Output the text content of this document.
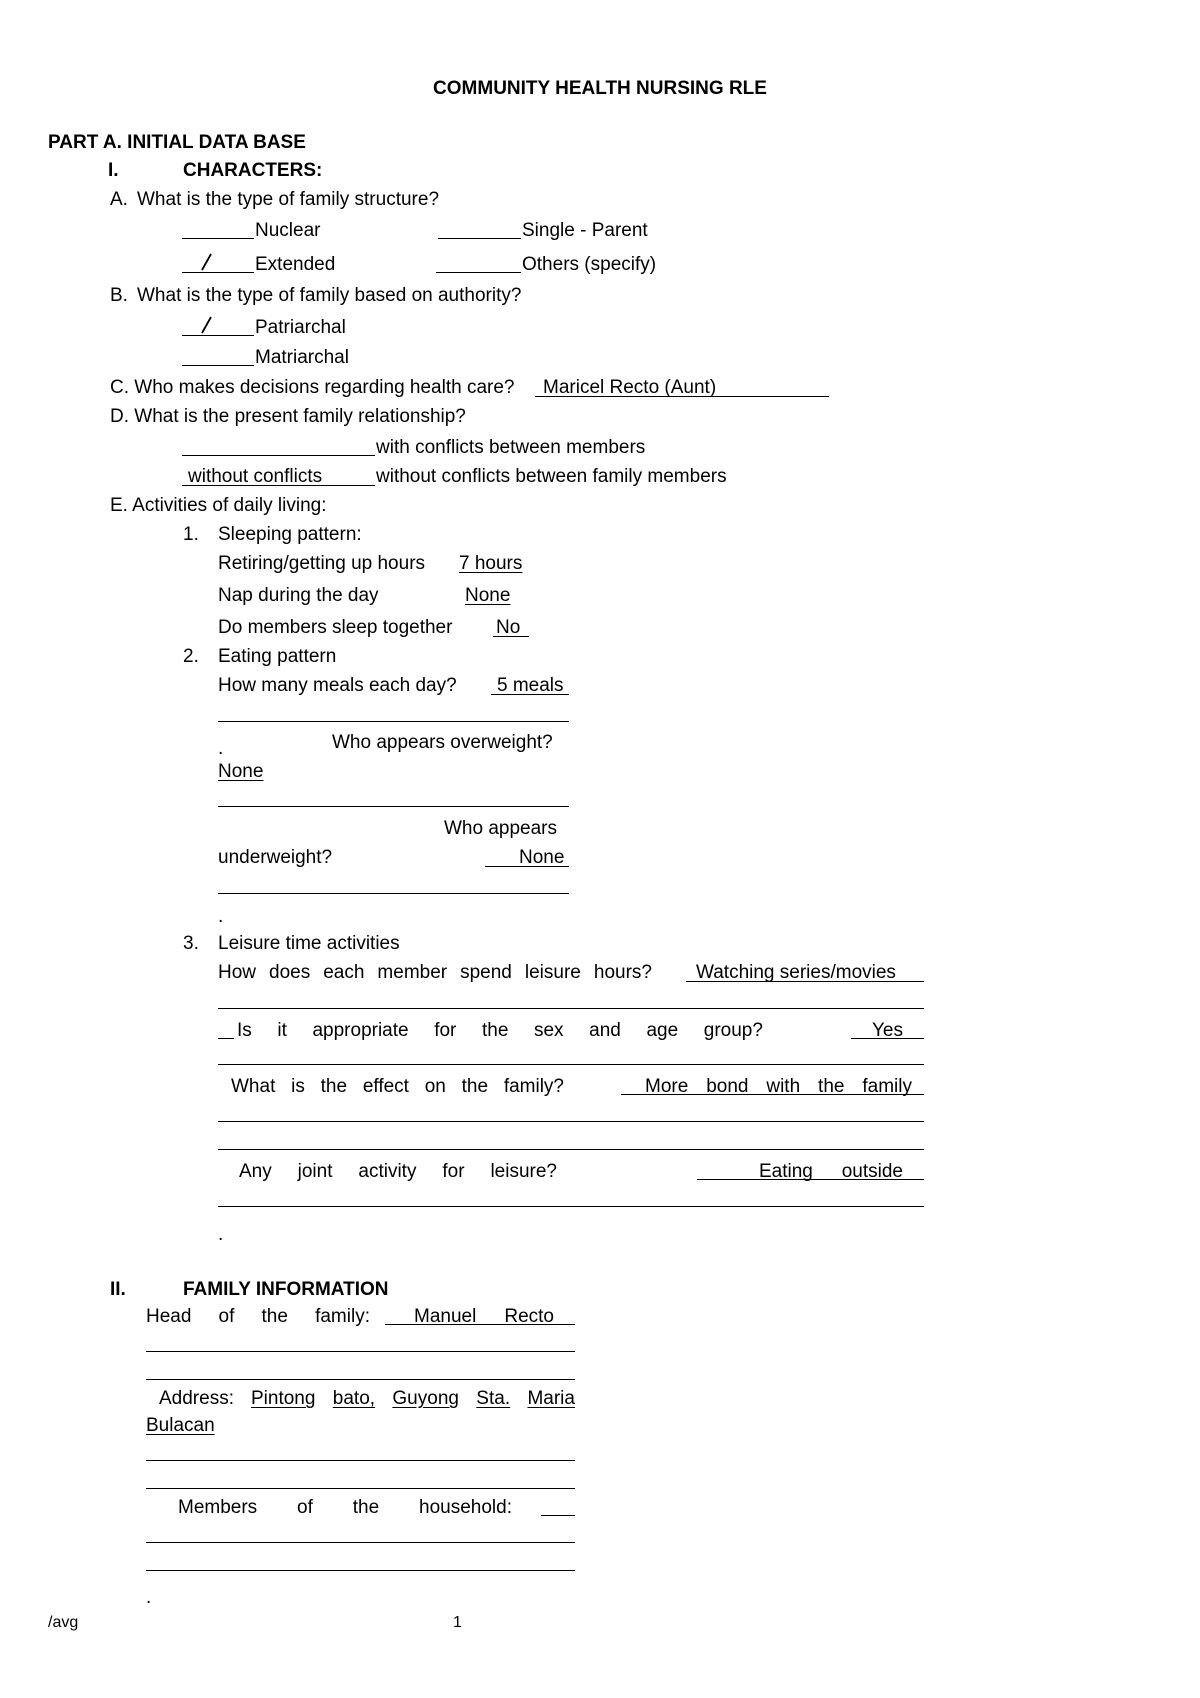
COMMUNITY HEALTH NURSING RLE
PART A. INITIAL DATA BASE
I.	CHARACTERS:
A. What is the type of family structure?
Nuclear	Single - Parent
Extended	Others (specify)
B. What is the type of family based on authority?
Patriarchal
Matriarchal
C. Who makes decisions regarding health care? Maricel Recto (Aunt)
D. What is the present family relationship?
with conflicts between members
without conflicts	without conflicts between family members
E. Activities of daily living:
1. Sleeping pattern:
Retiring/getting up hours 7 hours
Nap during the day	None
Do members sleep together No
2. Eating pattern
How many meals each day? 5 meals
.	Who appears overweight?
None
Who appears
underweight?	None
.
3. Leisure time activities
How does each member spend leisure hours? Watching series/movies
Is it appropriate for the sex and age group?	Yes
What is the effect on the family?	More bond with the family
Any joint activity for leisure?	Eating outside
.
II.	FAMILY INFORMATION
Head of the family: Manuel Recto
Address: Pintong bato, Guyong Sta. Maria
Bulacan
Members of the household:
.
/avg	1
